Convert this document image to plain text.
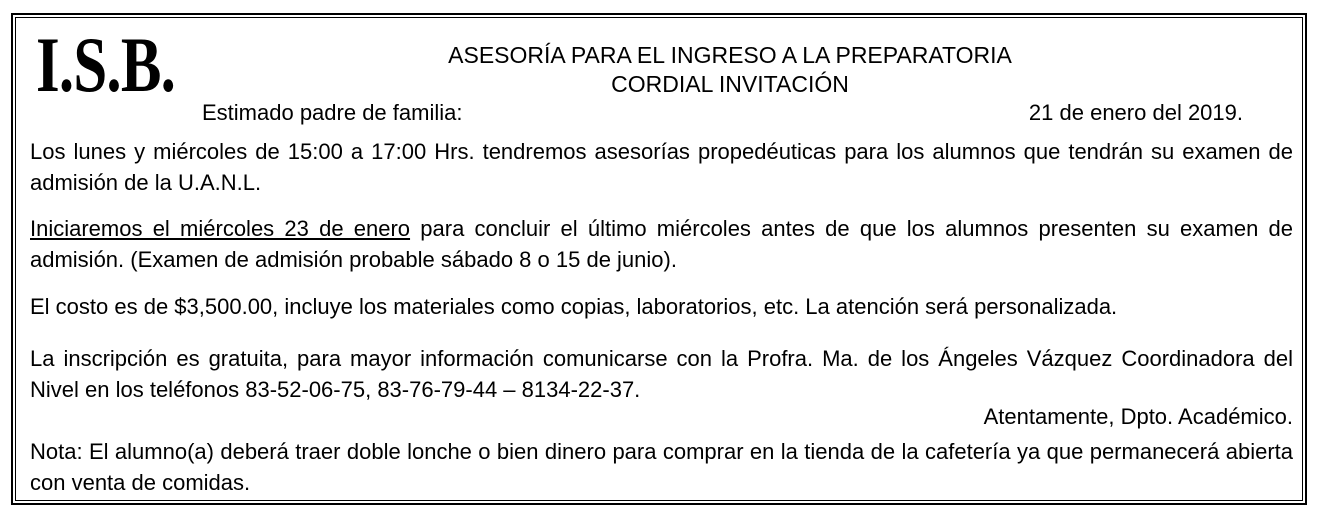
I.S.B.	ASESORÍA PARA EL INGRESO A LA PREPARATORIA
CORDIAL INVITACIÓN
Estimado padre de familia:	21 de enero del 2019.
Los lunes y miércoles de 15:00 a 17:00 Hrs. tendremos asesorías propedéuticas para los alumnos que tendrán su examen de admisión de la U.A.N.L.
Iniciaremos el miércoles 23 de enero para concluir el último miércoles antes de que los alumnos presenten su examen de admisión. (Examen de admisión probable sábado 8 o 15 de junio).
El costo es de $3,500.00, incluye los materiales como copias, laboratorios, etc. La atención será personalizada.
La inscripción es gratuita, para mayor información comunicarse con la Profra. Ma. de los Ángeles Vázquez Coordinadora del Nivel en los teléfonos 83-52-06-75, 83-76-79-44 – 8134-22-37.
Atentamente, Dpto. Académico.
Nota: El alumno(a) deberá traer doble lonche o bien dinero para comprar en la tienda de la cafetería ya que permanecerá abierta con venta de comidas.
